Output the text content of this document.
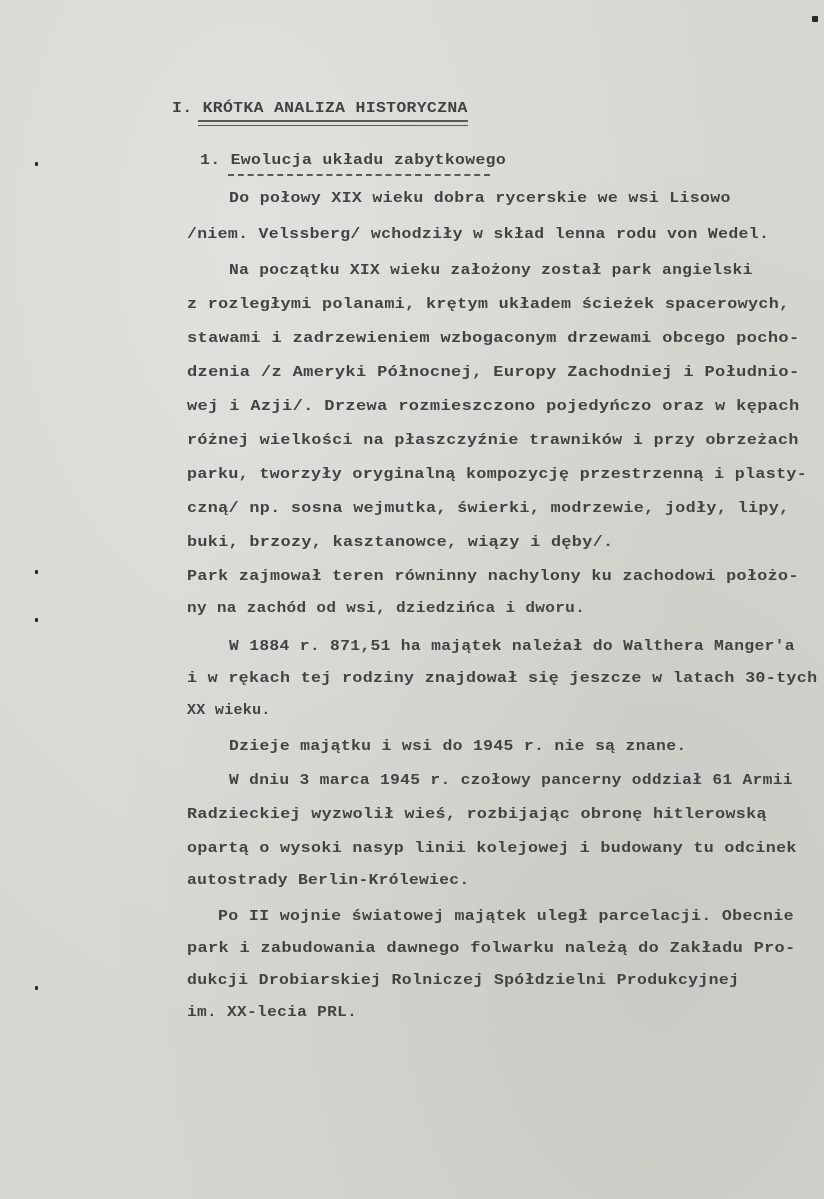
I. KRÓTKA ANALIZA HISTORYCZNA
1. Ewolucja układu zabytkowego
Do połowy XIX wieku dobra rycerskie we wsi Lisowo
/niem. Velssberg/ wchodziły w skład lenna rodu von Wedel.
Na początku XIX wieku założony został park angielski
z rozległymi polanami, krętym układem ścieżek spacerowych,
stawami i zadrzewieniem wzbogaconym drzewami obcego pocho-
dzenia /z Ameryki Północnej, Europy Zachodniej i Południo-
wej i Azji/. Drzewa rozmieszczono pojedyńczo oraz w kępach
różnej wielkości na płaszczyźnie trawników i przy obrzeżach
parku, tworzyły oryginalną kompozycję przestrzenną i plasty-
czną/ np. sosna wejmutka, świerki, modrzewie, jodły, lipy,
buki, brzozy, kasztanowce, wiązy i dęby/.
Park zajmował teren równinny nachylony ku zachodowi położo-
ny na zachód od wsi, dziedzińca i dworu.
W 1884 r. 871,51 ha majątek należał do Walthera Manger'a
i w rękach tej rodziny znajdował się jeszcze w latach 30-tych
XX wieku.
Dzieje majątku i wsi do 1945 r. nie są znane.
W dniu 3 marca 1945 r. czołowy pancerny oddział 61 Armii
Radzieckiej wyzwolił wieś, rozbijając obronę hitlerowską
opartą o wysoki nasyp linii kolejowej i budowany tu odcinek
autostrady Berlin-Królewiec.
Po II wojnie światowej majątek uległ parcelacji. Obecnie
park i zabudowania dawnego folwarku należą do Zakładu Pro-
dukcji Drobiarskiej Rolniczej Spółdzielni Produkcyjnej
im. XX-lecia PRL.
